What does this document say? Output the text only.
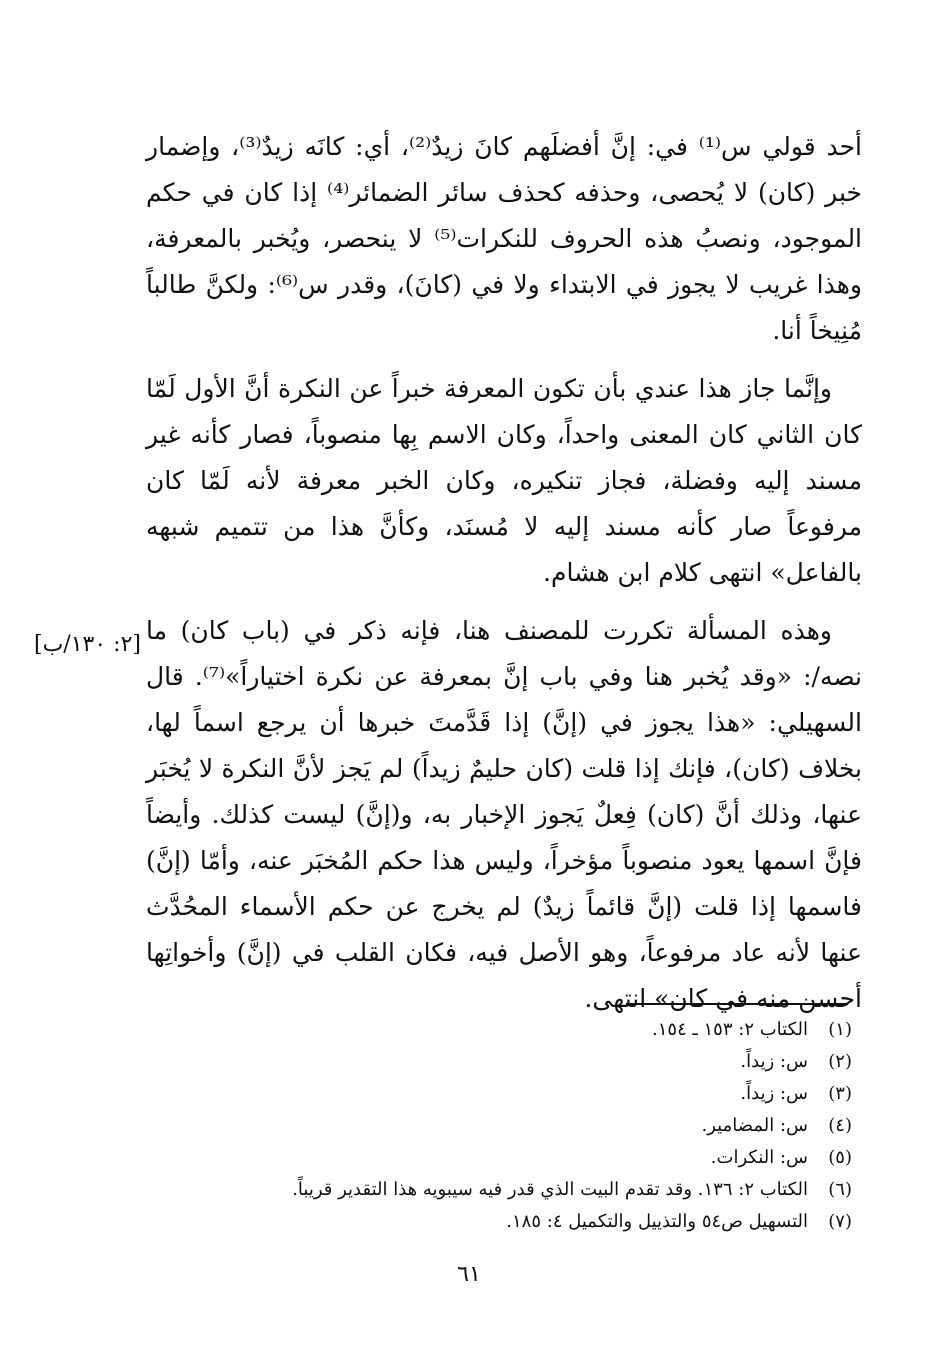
أحد قولي س⁽¹⁾ في: إنَّ أفضلَهم كانَ زيدٌ⁽²⁾، أي: كانَه زيدٌ⁽³⁾، وإضمار خبر (كان) لا يُحصى، وحذفه كحذف سائر الضمائر⁽⁴⁾ إذا كان في حكم الموجود، ونصبُ هذه الحروف للنكرات⁽⁵⁾ لا ينحصر، ويُخبر بالمعرفة، وهذا غريب لا يجوز في الابتداء ولا في (كانَ)، وقدر س⁽⁶⁾: ولكنَّ طالباً مُنِيخاً أنا.

وإنَّما جاز هذا عندي بأن تكون المعرفة خبراً عن النكرة أنَّ الأول لَمّا كان الثاني كان المعنى واحداً، وكان الاسم بِها منصوباً، فصار كأنه غير مسند إليه وفضلة، فجاز تنكيره، وكان الخبر معرفة لأنه لَمّا كان مرفوعاً صار كأنه مسند إليه لا مُسنَد، وكأنَّ هذا من تتميم شبهه بالفاعل» انتهى كلام ابن هشام.

وهذه المسألة تكررت للمصنف هنا، فإنه ذكر في (باب كان) ما نصه/: «وقد يُخبر هنا وفي باب إنَّ بمعرفة عن نكرة اختياراً»⁽⁷⁾. قال السهيلي: «هذا يجوز في (إنَّ) إذا قَدَّمتَ خبرها أن يرجع اسماً لها، بخلاف (كان)، فإنك إذا قلت (كان حليمٌ زيداً) لم يَجز لأنَّ النكرة لا يُخبَر عنها، وذلك أنَّ (كان) فِعلٌ يَجوز الإخبار به، و(إنَّ) ليست كذلك. وأيضاً فإنَّ اسمها يعود منصوباً مؤخراً، وليس هذا حكم المُخبَر عنه، وأمّا (إنَّ) فاسمها إذا قلت (إنَّ قائماً زيدٌ) لم يخرج عن حكم الأسماء المحُدَّث عنها لأنه عاد مرفوعاً، وهو الأصل فيه، فكان القلب في (إنَّ) وأخواتِها أحسن منه في كان» انتهى.

[٢: ١٣٠/ب]
(١)
الكتاب ٢: ١٥٣ ـ ١٥٤.
(٢)
س: زيداً.
(٣)
س: زيداً.
(٤)
س: المضامير.
(٥)
س: النكرات.
(٦)
الكتاب ٢: ١٣٦. وقد تقدم البيت الذي قدر فيه سيبويه هذا التقدير قريباً.
(٧)
التسهيل ص٥٤ والتذييل والتكميل ٤: ١٨٥.
٦١
